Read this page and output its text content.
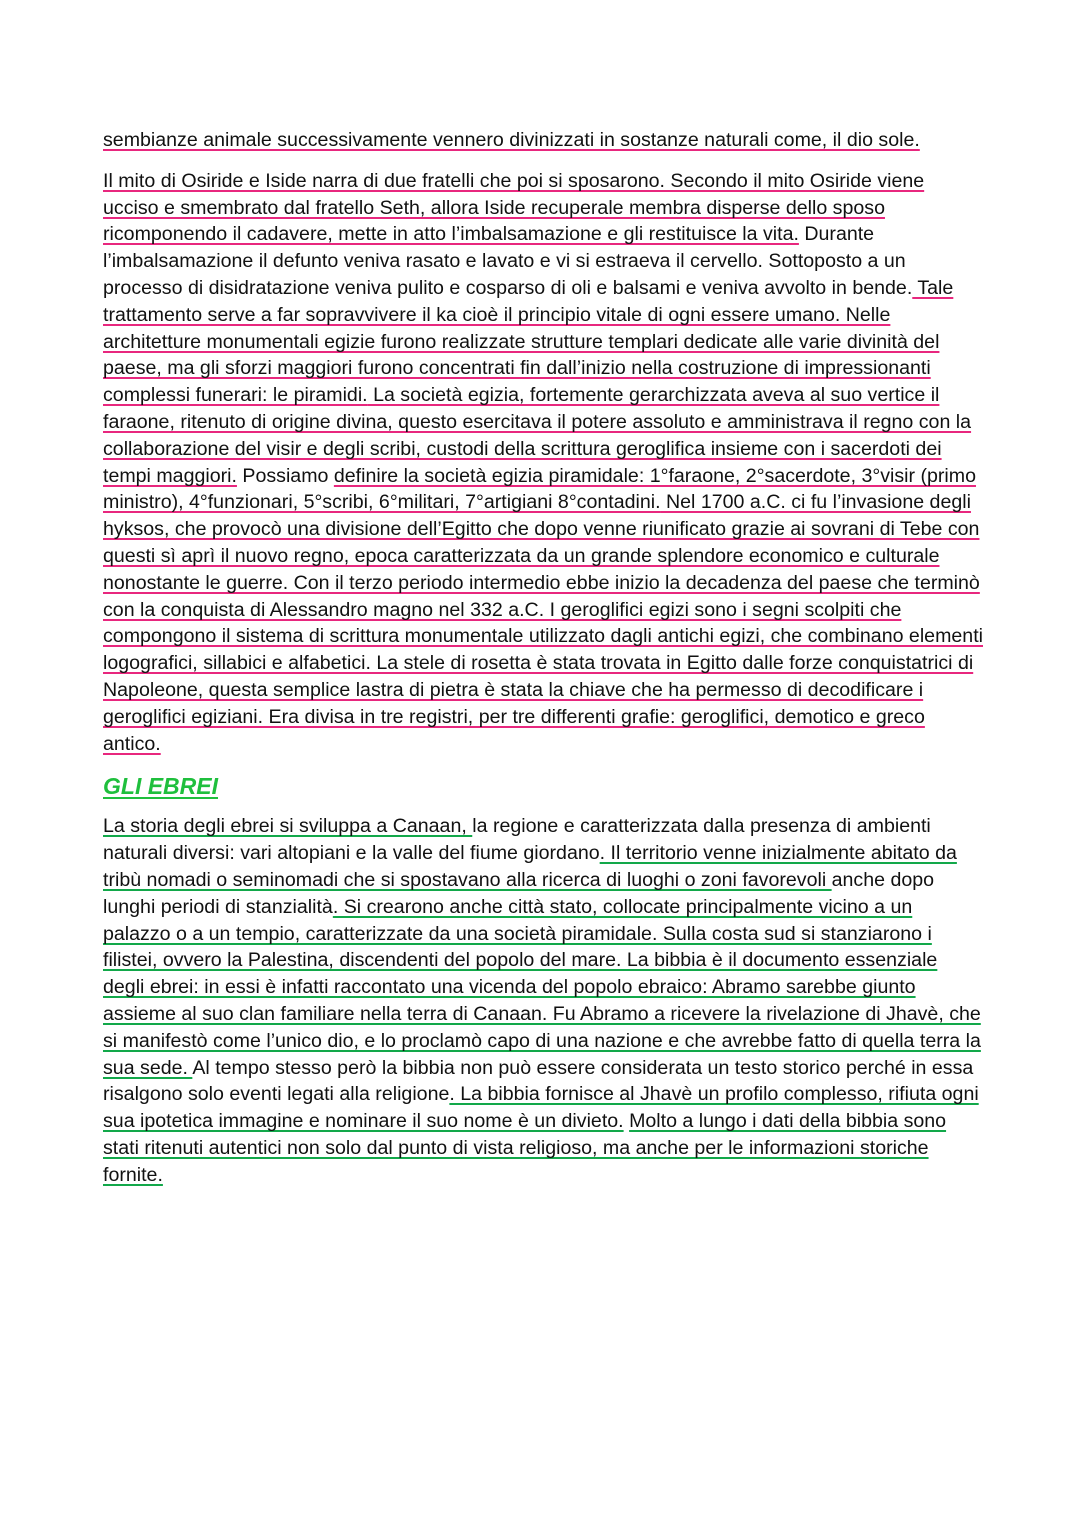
sembianze animale successivamente vennero divinizzati in sostanze naturali come, il dio sole.

Il mito di Osiride e Iside narra di due fratelli che poi si sposarono. Secondo il mito Osiride viene ucciso e smembrato dal fratello Seth, allora Iside recuperale membra disperse dello sposo ricomponendo il cadavere, mette in atto l’imbalsamazione e gli restituisce la vita. Durante l’imbalsamazione il defunto veniva rasato e lavato e vi si estraeva il cervello. Sottoposto a un processo di disidratazione veniva pulito e cosparso di oli e balsami e veniva avvolto in bende. Tale trattamento serve a far sopravvivere il ka cioè il principio vitale di ogni essere umano. Nelle architetture monumentali egizie furono realizzate strutture templari dedicate alle varie divinità del paese, ma gli sforzi maggiori furono concentrati fin dall’inizio nella costruzione di impressionanti complessi funerari: le piramidi. La società egizia, fortemente gerarchizzata aveva al suo vertice il faraone, ritenuto di origine divina, questo esercitava il potere assoluto e amministrava il regno con la collaborazione del visir e degli scribi, custodi della scrittura geroglifica insieme con i sacerdoti dei tempi maggiori. Possiamo definire la società egizia piramidale: 1°faraone, 2°sacerdote, 3°visir (primo ministro), 4°funzionari, 5°scribi, 6°militari, 7°artigiani 8°contadini. Nel 1700 a.C. ci fu l’invasione degli hyksos, che provocò una divisione dell’Egitto che dopo venne riunificato grazie ai sovrani di Tebe con questi sì aprì il nuovo regno, epoca caratterizzata da un grande splendore economico e culturale nonostante le guerre. Con il terzo periodo intermedio ebbe inizio la decadenza del paese che terminò con la conquista di Alessandro magno nel 332 a.C. I geroglifici egizi sono i segni scolpiti che compongono il sistema di scrittura monumentale utilizzato dagli antichi egizi, che combinano elementi logografici, sillabici e alfabetici. La stele di rosetta è stata trovata in Egitto dalle forze conquistatrici di Napoleone, questa semplice lastra di pietra è stata la chiave che ha permesso di decodificare i geroglifici egiziani. Era divisa in tre registri, per tre differenti grafie: geroglifici, demotico e greco antico.

GLI EBREI

La storia degli ebrei si sviluppa a Canaan, la regione e caratterizzata dalla presenza di ambienti naturali diversi: vari altopiani e la valle del fiume giordano. Il territorio venne inizialmente abitato da tribù nomadi o seminomadi che si spostavano alla ricerca di luoghi o zoni favorevoli anche dopo lunghi periodi di stanzialità. Si crearono anche città stato, collocate principalmente vicino a un palazzo o a un tempio, caratterizzate da una società piramidale. Sulla costa sud si stanziarono i filistei, ovvero la Palestina, discendenti del popolo del mare. La bibbia è il documento essenziale degli ebrei: in essi è infatti raccontato una vicenda del popolo ebraico: Abramo sarebbe giunto assieme al suo clan familiare nella terra di Canaan. Fu Abramo a ricevere la rivelazione di Jhavè, che si manifestò come l’unico dio, e lo proclamò capo di una nazione e che avrebbe fatto di quella terra la sua sede. Al tempo stesso però la bibbia non può essere considerata un testo storico perché in essa risalgono solo eventi legati alla religione. La bibbia fornisce al Jhavè un profilo complesso, rifiuta ogni sua ipotetica immagine e nominare il suo nome è un divieto. Molto a lungo i dati della bibbia sono stati ritenuti autentici non solo dal punto di vista religioso, ma anche per le informazioni storiche fornite.
